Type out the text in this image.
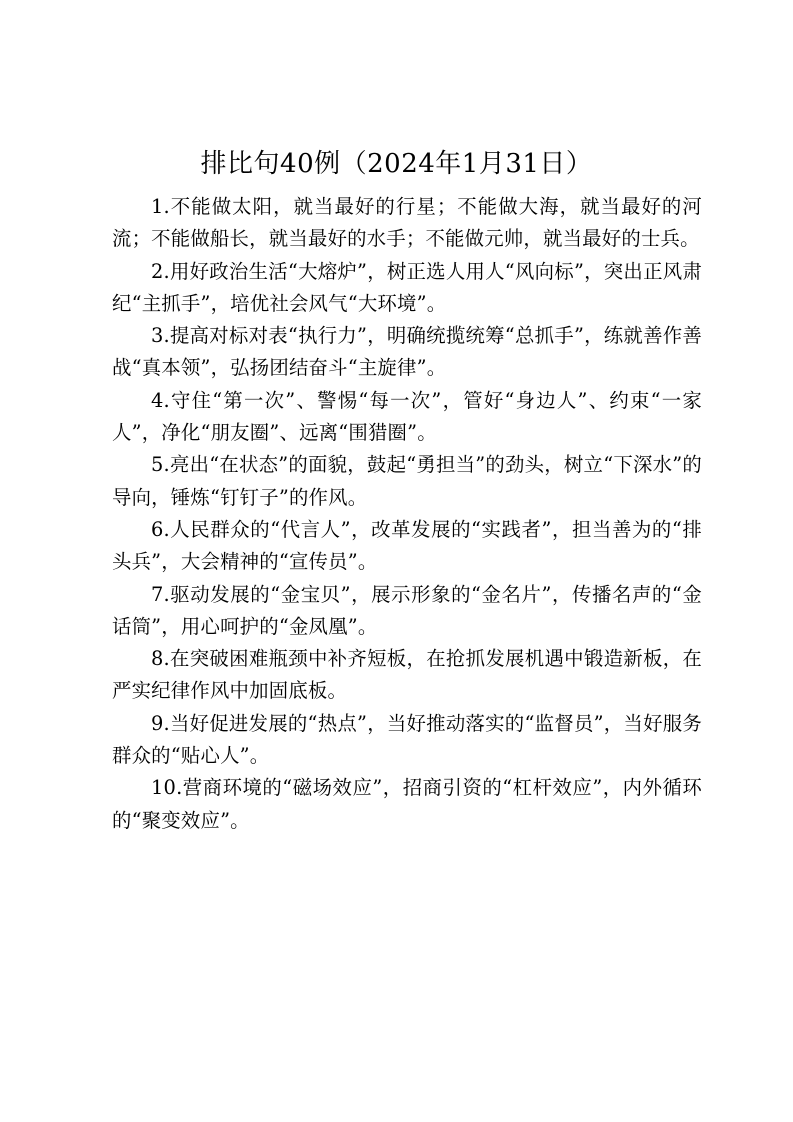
排比句40例（2024年1月31日）

1.不能做太阳，就当最好的行星；不能做大海，就当最好的河流；不能做船长，就当最好的水手；不能做元帅，就当最好的士兵。

2.用好政治生活“大熔炉”，树正选人用人“风向标”，突出正风肃纪“主抓手”，培优社会风气“大环境”。

3.提高对标对表“执行力”，明确统揽统筹“总抓手”，练就善作善战“真本领”，弘扬团结奋斗“主旋律”。

4.守住“第一次”、警惕“每一次”，管好“身边人”、约束“一家人”，净化“朋友圈”、远离“围猎圈”。

5.亮出“在状态”的面貌，鼓起“勇担当”的劲头，树立“下深水”的导向，锤炼“钉钉子”的作风。

6.人民群众的“代言人”，改革发展的“实践者”，担当善为的“排头兵”，大会精神的“宣传员”。

7.驱动发展的“金宝贝”，展示形象的“金名片”，传播名声的“金话筒”，用心呵护的“金凤凰”。

8.在突破困难瓶颈中补齐短板，在抢抓发展机遇中锻造新板，在严实纪律作风中加固底板。

9.当好促进发展的“热点”，当好推动落实的“监督员”，当好服务群众的“贴心人”。

10.营商环境的“磁场效应”，招商引资的“杠杆效应”，内外循环的“聚变效应”。
